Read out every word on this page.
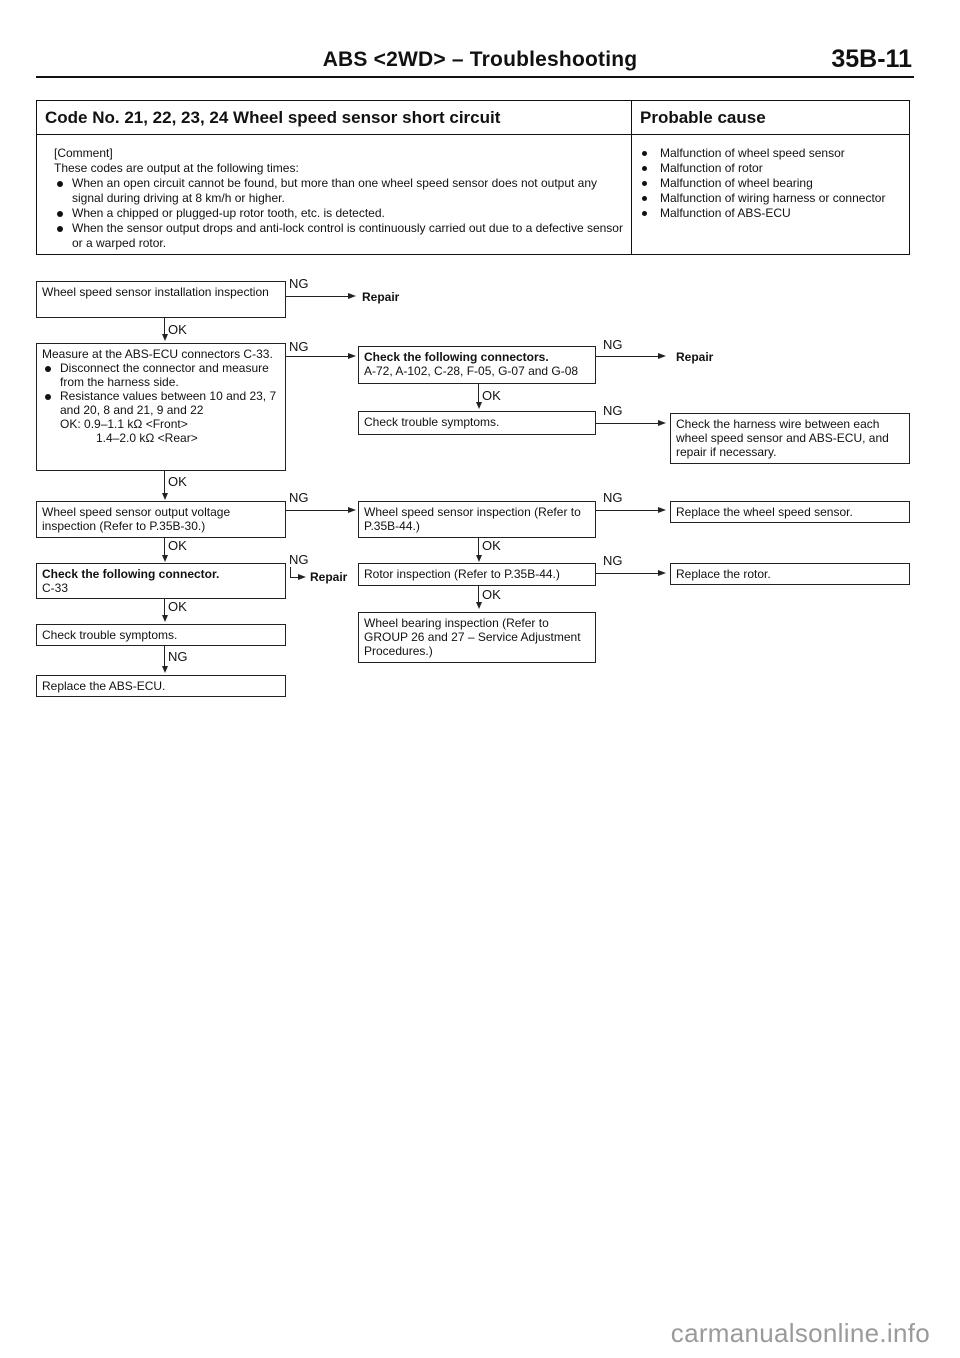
ABS <2WD> – Troubleshooting	35B-11
Code No. 21, 22, 23, 24 Wheel speed sensor short circuit	Probable cause
[Comment]
These codes are output at the following times:
When an open circuit cannot be found, but more than one wheel speed sensor does not output any signal during driving at 8 km/h or higher.
When a chipped or plugged-up rotor tooth, etc. is detected.
When the sensor output drops and anti-lock control is continuously carried out due to a defective sensor or a warped rotor.
Malfunction of wheel speed sensor
Malfunction of rotor
Malfunction of wheel bearing
Malfunction of wiring harness or connector
Malfunction of ABS-ECU
Wheel speed sensor installation inspection
NG
Repair
OK
Measure at the ABS-ECU connectors C-33.
Disconnect the connector and measure from the harness side.
Resistance values between 10 and 23, 7 and 20, 8 and 21, 9 and 22
OK: 0.9–1.1 kΩ <Front>
1.4–2.0 kΩ <Rear>
NG
Check the following connectors.
A-72, A-102, C-28, F-05, G-07 and G-08
NG
Repair
OK
Check trouble symptoms.
NG
Check the harness wire between each wheel speed sensor and ABS-ECU, and repair if necessary.
OK
Wheel speed sensor output voltage inspection (Refer to P.35B-30.)
NG
Wheel speed sensor inspection (Refer to P.35B-44.)
NG
Replace the wheel speed sensor.
OK	OK
Check the following connector.
C-33
NG
Repair	Rotor inspection (Refer to P.35B-44.)
NG
Replace the rotor.
OK
OK
Check trouble symptoms.
Wheel bearing inspection (Refer to GROUP 26 and 27 – Service Adjustment Procedures.)
NG
Replace the ABS-ECU.
carmanualsonline.info
